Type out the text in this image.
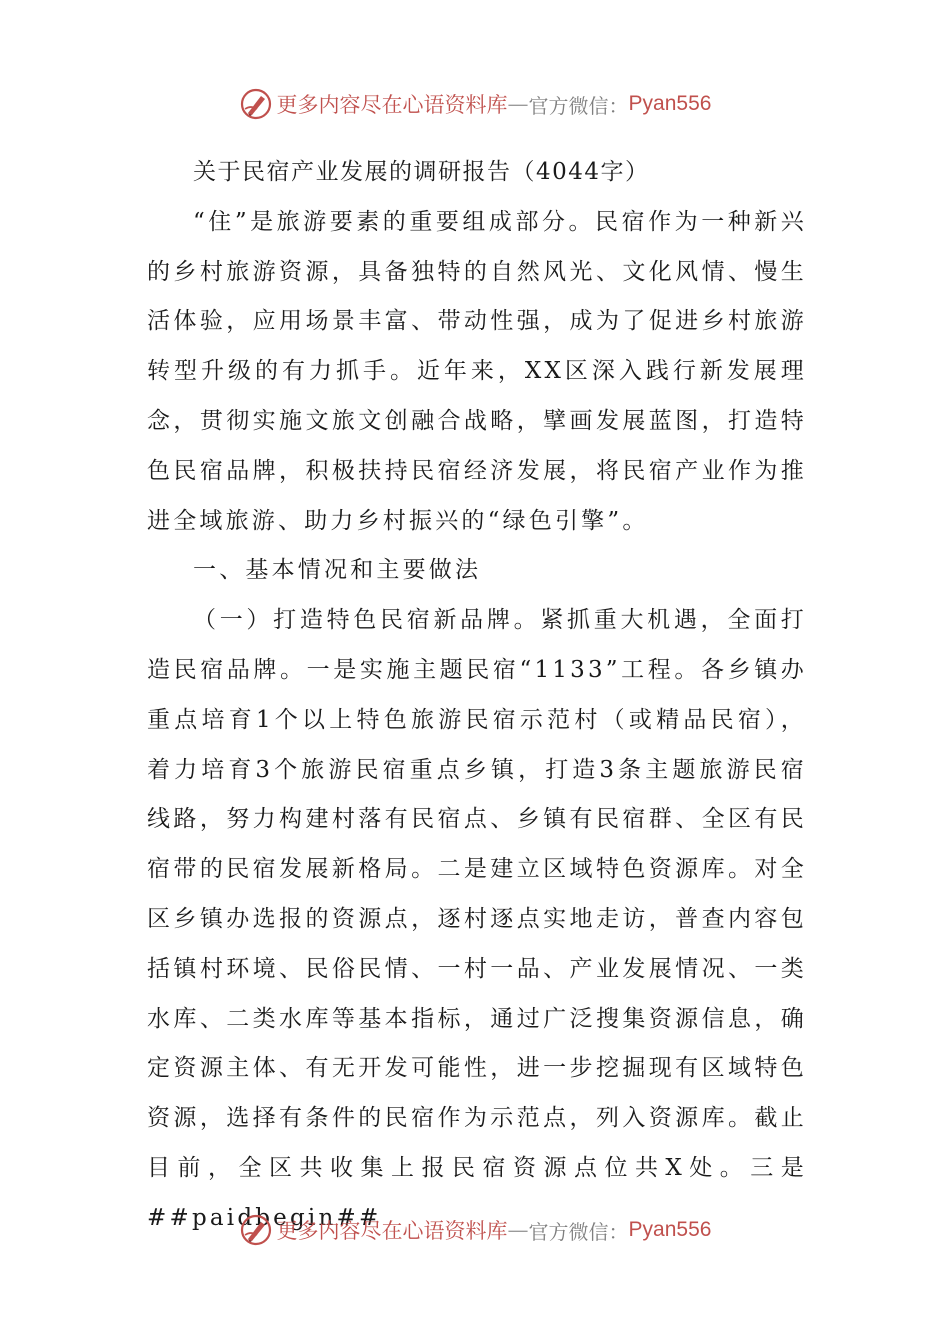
更多内容尽在心语资料库 — 官方微信： Pyan556

关于民宿产业发展的调研报告（4044字）

“住”是旅游要素的重要组成部分。民宿作为一种新兴的乡村旅游资源，具备独特的自然风光、文化风情、慢生活体验，应用场景丰富、带动性强，成为了促进乡村旅游转型升级的有力抓手。近年来，XX区深入践行新发展理念，贯彻实施文旅文创融合战略，擘画发展蓝图，打造特色民宿品牌，积极扶持民宿经济发展，将民宿产业作为推进全域旅游、助力乡村振兴的“绿色引擎”。

一、基本情况和主要做法

（一）打造特色民宿新品牌。紧抓重大机遇，全面打造民宿品牌。一是实施主题民宿“1133”工程。各乡镇办重点培育1个以上特色旅游民宿示范村（或精品民宿），着力培育3个旅游民宿重点乡镇，打造3条主题旅游民宿线路，努力构建村落有民宿点、乡镇有民宿群、全区有民宿带的民宿发展新格局。二是建立区域特色资源库。对全区乡镇办选报的资源点，逐村逐点实地走访，普查内容包括镇村环境、民俗民情、一村一品、产业发展情况、一类水库、二类水库等基本指标，通过广泛搜集资源信息，确定资源主体、有无开发可能性，进一步挖掘现有区域特色资源，选择有条件的民宿作为示范点，列入资源库。截止目前，全区共收集上报民宿资源点位共X处。三是##paidbegin##

更多内容尽在心语资料库 — 官方微信： Pyan556
